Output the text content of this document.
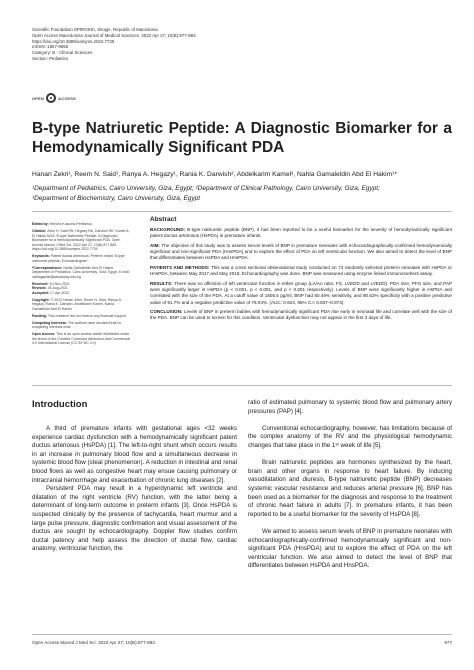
Scientific Foundation SPIROSKI, Skopje, Republic of Macedonia
Open Access Macedonian Journal of Medical Sciences. 2022 Apr 27; 10(B):877-883.
https://doi.org/10.3889/oamjms.2022.7739
eISSN: 1857-9655
Category: B - Clinical Sciences
Section: Pediatrics
OPEN	ACCESS
B-type Natriuretic Peptide: A Diagnostic Biomarker for a
Hemodynamically Significant PDA
Hanan Zekri¹, Reem N. Said¹, Ranya A. Hegazy¹, Rania K. Darwish², Abdelkarim Kamel³, Nahla Gamaleldin Abd El Hakim¹*
¹Department of Pediatrics, Cairo University, Giza, Egypt; ²Department of Clinical Pathology, Cairo University, Giza, Egypt;
³Department of Biochemistry, Cairo University, Giza, Egypt

Edited by: Hendra Kusuma-Pertiwiroo

Citation: Zekri H, Said RN, Hegazy RA, Darwish RK, Kamel A, El Hakim NGA. B-type Natriuretic Peptide: A Diagnostic Biomarker for a Hemodynamically Significant PDA. Open Access Maced J Med Sci. 2022 Apr 27; 10(B):877-883. https://doi.org/10.3889/oamjms.2022.7739

Keywords: Patent ductus arteriosus; Preterm infant; B-type natriuretic peptide; Echocardiogram

*Correspondence: Nahla Gamaleldin Abd El Hakim, Department of Pediatrics, Cairo University, Giza, Egypt. E-mail: nahlagamal@kasralainy.edu.eg

Received: 10-Nov-2021
Revised: 25-Aug-2021
Accepted: 17-Apr-2022

Copyright: © 2022 Hanan Zekri, Reem N. Said, Ranya A. Hegazy, Rania K. Darwish, Abdelkarim Kamel, Nahla Gamaleldin Abd El Hakim

Funding: This research did not receive any financial support

Competing Interests: The authors have declared that no competing interests exist

Open Access: This is an open-access article distributed under the terms of the Creative Commons Attribution-NonCommercial 4.0 International License (CC BY-NC 4.0)

Abstract

BACKGROUND: B-type natriuretic peptide (BNP), it has been reported to be a useful biomarker for the severity of hemodynamically significant patent ductus arteriosus (HsPDA) in premature infants.

AIM: The objective of this study was to assess serum levels of BNP in premature neonates with echocardiographically-confirmed hemodynamically significant and non-significant PDA (HnsPDA) and to explore the effect of PDA on left ventricular function. We also aimed to detect the level of BNP that differentiates between HsPDA and HnsPDA.

PATIENTS AND METHODS: This was a cross sectional observational study conducted on 73 randomly selected preterm neonates with HsPDA or HnsPDA, between May 2017 and May 2018. Echocardiography was done. BNP was measured using enzyme linked immunosorbent assay.

RESULTS: There was no affection of left ventricular function in either group (LA/Ao ratio, FS, LVEDD and LVEDD). PDA size, PFO size, and PAP were significantly larger in HsPDA (p < 0.001, p < 0.001, and p < 0.001 respectively). Levels of BNP were significantly higher in HsPDA and correlated with the size of the PDA. At a cutoff value of 1605.5 pg/ml, BNP had 80.49% sensitivity, and 90.62% specificity with a positive predictive value of 91.7% and a negative predictive value of 78.04%. (AUC: 0.923, 95% C.I: 0.837–0.973).

CONCLUSION: Levels of BNP in preterm babies with hemodynamically significant PDA rise early in neonatal life and correlate well with the size of the PDA. BNP can be used to screen for this condition. Ventricular dysfunction may not appear in the first 3 days of life.

Introduction

A third of premature infants with gestational ages <32 weeks experience cardiac dysfunction with a hemodynamically significant patent ductus arteriosus (HsPDA) [1]. The left-to-right shunt which occurs results in an increase in pulmonary blood flow and a simultaneous decrease in systemic blood flow (steal phenomenon). A reduction in intestinal and renal blood flows as well as congestive heart may ensue causing pulmonary or intracranial hemorrhage and exacerbation of chronic lung diseases [2].

Persistent PDA may result in a hyperdynamic left ventricle and dilatation of the right ventricle (RV) function, with the latter being a determinant of long-term outcome in preterm infants [3]. Once HsPDA is suspected clinically by the presence of tachycardia, heart murmur and a large pulse pressure, diagnostic confirmation and visual assessment of the ductus are sought by echocardiography. Doppler flow studies confirm ductal patency and help assess the direction of ductal flow, cardiac anatomy, ventricular function, the

ratio of estimated pulmonary to systemic blood flow and pulmonary artery pressures (PAP) [4].

Conventional echocardiography, however, has limitations because of the complex anatomy of the RV and the physiological hemodynamic changes that take place in the 1ˢᵗ week of life [5].

Brain natriuretic peptides are hormones synthesized by the heart, brain and other organs in response to heart failure. By inducing vasodilatation and diuresis, B-type natriuretic peptide (BNP) decreases systemic vascular resistance and reduces arterial pressure [6]. BNP has been used as a biomarker for the diagnosis and response to the treatment of chronic heart failure in adults [7]. In premature infants, it has been reported to be a useful biomarker for the severity of HsPDA [8].

We aimed to assess serum levels of BNP in premature neonates with echocardiographically-confirmed hemodynamically significant and non-significant PDA (HnsPDA) and to explore the effect of PDA on the left ventricular function. We also aimed to detect the level of BNP that differentiates between HsPDA and HnsPDA.

Open Access Maced J Med Sci. 2022 Apr 27; 10(B):877-883.	877
